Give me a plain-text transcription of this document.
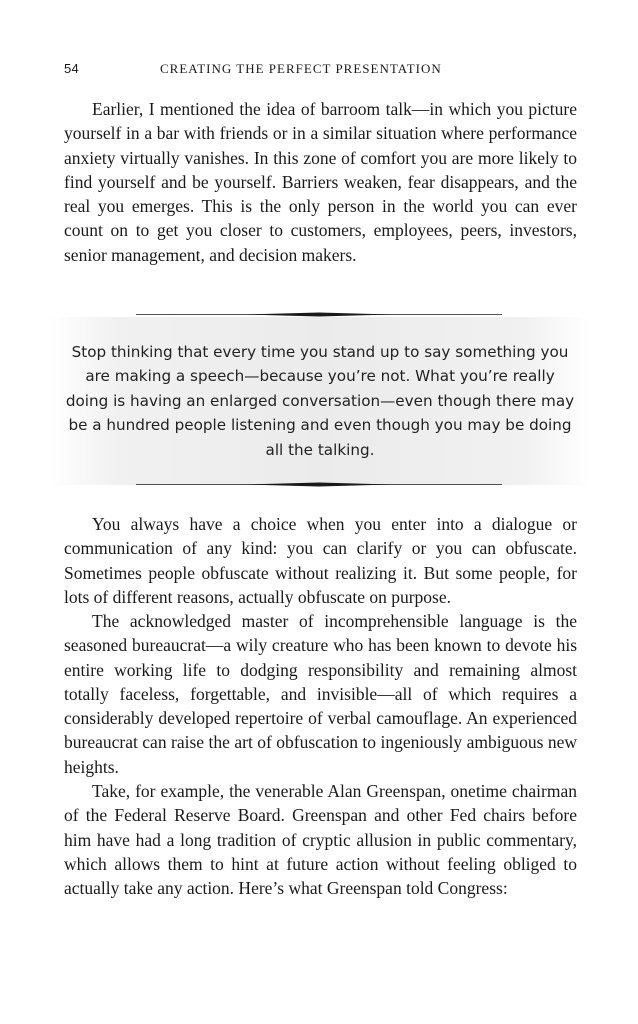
54	CREATING THE PERFECT PRESENTATION

Earlier, I mentioned the idea of barroom talk—in which you picture yourself in a bar with friends or in a similar situation where performance anxiety virtually vanishes. In this zone of comfort you are more likely to find yourself and be yourself. Barriers weaken, fear disappears, and the real you emerges. This is the only person in the world you can ever count on to get you closer to customers, employees, peers, investors, senior management, and decision makers.

Stop thinking that every time you stand up to say something you are making a speech—because you’re not. What you’re really doing is having an enlarged conversation—even though there may be a hundred people listening and even though you may be doing all the talking.

You always have a choice when you enter into a dialogue or communication of any kind: you can clarify or you can obfuscate. Sometimes people obfuscate without realizing it. But some people, for lots of different reasons, actually obfuscate on purpose.

The acknowledged master of incomprehensible language is the seasoned bureaucrat—a wily creature who has been known to devote his entire working life to dodging responsibility and remaining almost totally faceless, forgettable, and invisible—all of which requires a considerably developed repertoire of verbal camouflage. An experienced bureaucrat can raise the art of obfuscation to ingeniously ambiguous new heights.

Take, for example, the venerable Alan Greenspan, onetime chairman of the Federal Reserve Board. Greenspan and other Fed chairs before him have had a long tradition of cryptic allusion in public commentary, which allows them to hint at future action without feeling obliged to actually take any action. Here’s what Greenspan told Congress:
